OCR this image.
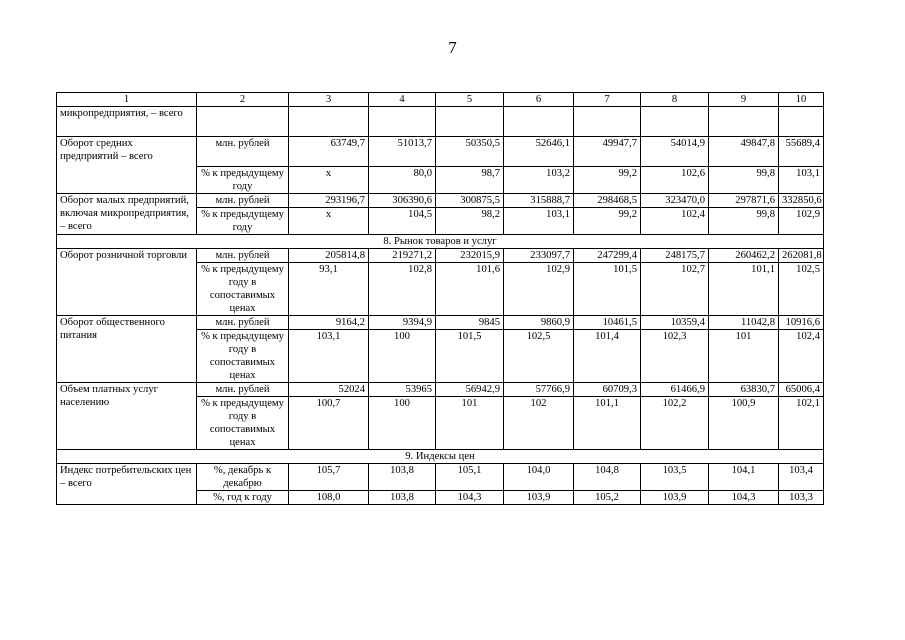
7
1	2	3	4	5	6	7	8	9	10
микропредприятия, – всего									
Оборот средних предприятий – всего	млн. рублей	63749,7	51013,7	50350,5	52646,1	49947,7	54014,9	49847,8	55689,4
	% к предыдущему году	х	80,0	98,7	103,2	99,2	102,6	99,8	103,1
Оборот малых предприятий, включая микропредприятия, – всего	млн. рублей	293196,7	306390,6	300875,5	315888,7	298468,5	323470,0	297871,6	332850,6
	% к предыдущему году	х	104,5	98,2	103,1	99,2	102,4	99,8	102,9
8. Рынок товаров и услуг									
Оборот розничной торговли	млн. рублей	205814,8	219271,2	232015,9	233097,7	247299,4	248175,7	260462,2	262081,8
	% к предыдущему году в сопоставимых ценах	93,1	102,8	101,6	102,9	101,5	102,7	101,1	102,5
Оборот общественного питания	млн. рублей	9164,2	9394,9	9845	9860,9	10461,5	10359,4	11042,8	10916,6
	% к предыдущему году в сопоставимых ценах	103,1	100	101,5	102,5	101,4	102,3	101	102,4
Объем платных услуг населению	млн. рублей	52024	53965	56942,9	57766,9	60709,3	61466,9	63830,7	65006,4
	% к предыдущему году в сопоставимых ценах	100,7	100	101	102	101,1	102,2	100,9	102,1
9. Индексы цен									
Индекс потребительских цен – всего	%, декабрь к декабрю	105,7	103,8	105,1	104,0	104,8	103,5	104,1	103,4
	%, год к году	108,0	103,8	104,3	103,9	105,2	103,9	104,3	103,3
